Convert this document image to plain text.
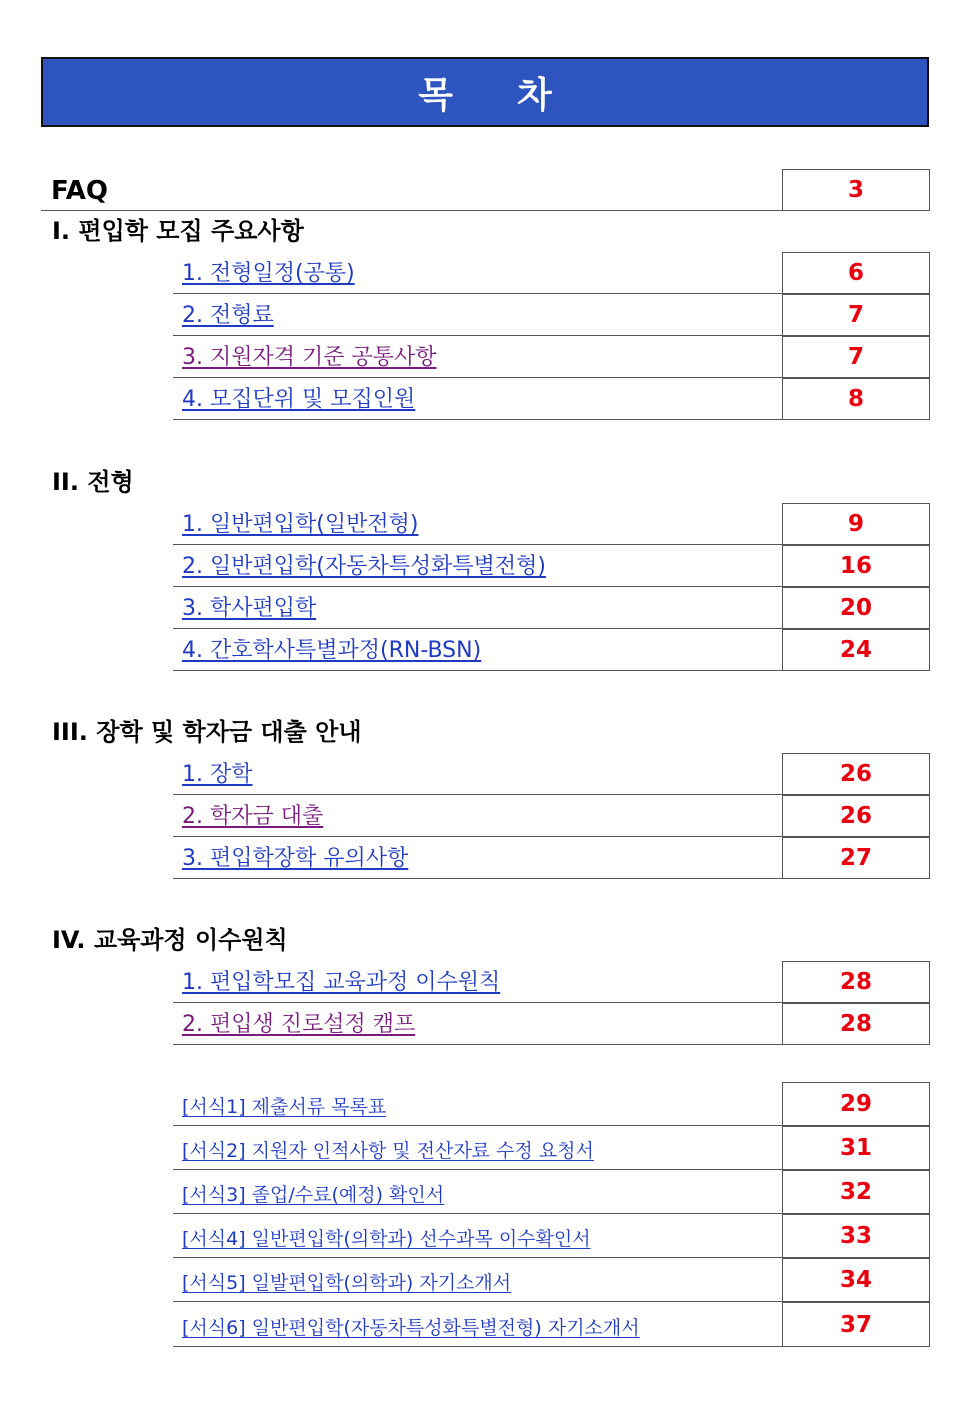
목 차
FAQ	3
I. 편입학 모집 주요사항
1. 전형일정(공통)	6
2. 전형료	7
3. 지원자격 기준 공통사항	7
4. 모집단위 및 모집인원	8
II. 전형
1. 일반편입학(일반전형)	9
2. 일반편입학(자동차특성화특별전형)	16
3. 학사편입학	20
4. 간호학사특별과정(RN-BSN)	24
III. 장학 및 학자금 대출 안내
1. 장학	26
2. 학자금 대출	26
3. 편입학장학 유의사항	27
IV. 교육과정 이수원칙
1. 편입학모집 교육과정 이수원칙	28
2. 편입생 진로설정 캠프	28
[서식1] 제출서류 목록표	29
[서식2] 지원자 인적사항 및 전산자료 수정 요청서	31
[서식3] 졸업/수료(예정) 확인서	32
[서식4] 일반편입학(의학과) 선수과목 이수확인서	33
[서식5] 일발편입학(의학과) 자기소개서	34
[서식6] 일반편입학(자동차특성화특별전형) 자기소개서	37
